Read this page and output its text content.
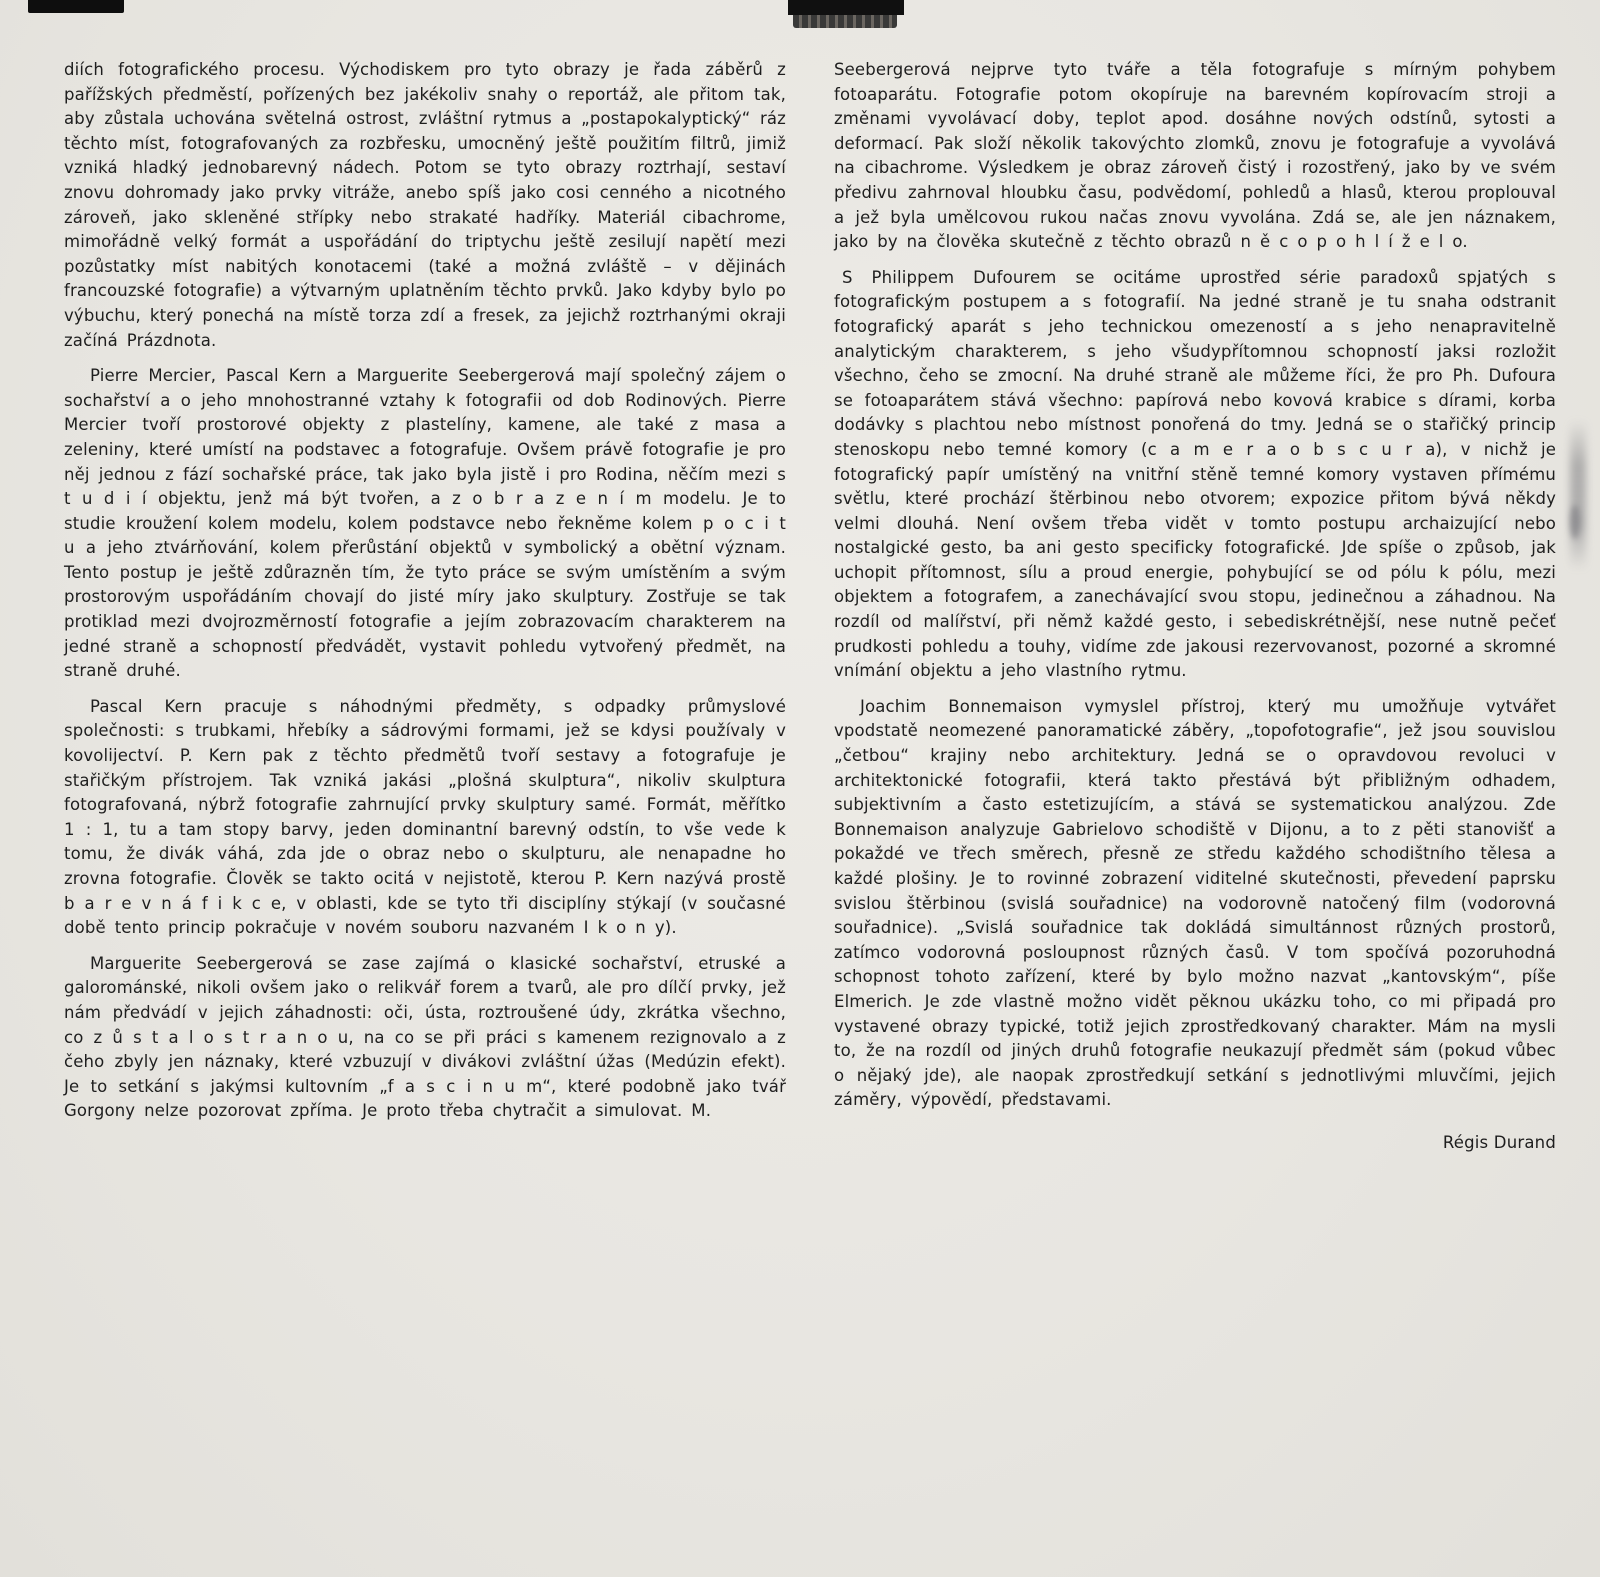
diích fotografického procesu. Východiskem pro tyto obrazy je řada záběrů z pařížských předměstí, pořízených bez jakékoliv snahy o reportáž, ale přitom tak, aby zůstala uchována světelná ostrost, zvláštní rytmus a „postapokalyptický“ ráz těchto míst, fotografovaných za rozbřesku, umocněný ještě použitím filtrů, jimiž vzniká hladký jednobarevný nádech. Potom se tyto obrazy roztrhají, sestaví znovu dohromady jako prvky vitráže, anebo spíš jako cosi cenného a nicotného zároveň, jako skleněné střípky nebo strakaté hadříky. Materiál cibachrome, mimořádně velký formát a uspořádání do triptychu ještě zesilují napětí mezi pozůstatky míst nabitých konotacemi (také a možná zvláště – v dějinách francouzské fotografie) a výtvarným uplatněním těchto prvků. Jako kdyby bylo po výbuchu, který ponechá na místě torza zdí a fresek, za jejichž roztrhanými okraji začíná Prázdnota.

Pierre Mercier, Pascal Kern a Marguerite Seebergerová mají společný zájem o sochařství a o jeho mnohostranné vztahy k fotografii od dob Rodinových. Pierre Mercier tvoří prostorové objekty z plastelíny, kamene, ale také z masa a zeleniny, které umístí na podstavec a fotografuje. Ovšem právě fotografie je pro něj jednou z fází sochařské práce, tak jako byla jistě i pro Rodina, něčím mezi s t u d i í objektu, jenž má být tvořen, a z o b r a z e n í m modelu. Je to studie kroužení kolem modelu, kolem podstavce nebo řekněme kolem p o c i t u a jeho ztvárňování, kolem přerůstání objektů v symbolický a obětní význam. Tento postup je ještě zdůrazněn tím, že tyto práce se svým umístěním a svým prostorovým uspořádáním chovají do jisté míry jako skulptury. Zostřuje se tak protiklad mezi dvojrozměrností fotografie a jejím zobrazovacím charakterem na jedné straně a schopností předvádět, vystavit pohledu vytvořený předmět, na straně druhé.

Pascal Kern pracuje s náhodnými předměty, s odpadky průmyslové společnosti: s trubkami, hřebíky a sádrovými formami, jež se kdysi používaly v kovolijectví. P. Kern pak z těchto předmětů tvoří sestavy a fotografuje je stařičkým přístrojem. Tak vzniká jakási „plošná skulptura“, nikoliv skulptura fotografovaná, nýbrž fotografie zahrnující prvky skulptury samé. Formát, měřítko 1 : 1, tu a tam stopy barvy, jeden dominantní barevný odstín, to vše vede k tomu, že divák váhá, zda jde o obraz nebo o skulpturu, ale nenapadne ho zrovna fotografie. Člověk se takto ocitá v nejistotě, kterou P. Kern nazývá prostě b a r e v n á f i k c e, v oblasti, kde se tyto tři disciplíny stýkají (v současné době tento princip pokračuje v novém souboru nazvaném I k o n y).

Marguerite Seebergerová se zase zajímá o klasické sochařství, etruské a galorománské, nikoli ovšem jako o relikvář forem a tvarů, ale pro dílčí prvky, jež nám předvádí v jejich záhadnosti: oči, ústa, roztroušené údy, zkrátka všechno, co z ů s t a l o s t r a n o u, na co se při práci s kamenem rezignovalo a z čeho zbyly jen náznaky, které vzbuzují v divákovi zvláštní úžas (Medúzin efekt). Je to setkání s jakýmsi kultovním „f a s c i n u m“, které podobně jako tvář Gorgony nelze pozorovat zpříma. Je proto třeba chytračit a simulovat. M.

Seebergerová nejprve tyto tváře a těla fotografuje s mírným pohybem fotoaparátu. Fotografie potom okopíruje na barevném kopírovacím stroji a změnami vyvolávací doby, teplot apod. dosáhne nových odstínů, sytosti a deformací. Pak složí několik takovýchto zlomků, znovu je fotografuje a vyvolává na cibachrome. Výsledkem je obraz zároveň čistý i rozostřený, jako by ve svém předivu zahrnoval hloubku času, podvědomí, pohledů a hlasů, kterou proplouval a jež byla umělcovou rukou načas znovu vyvolána. Zdá se, ale jen náznakem, jako by na člověka skutečně z těchto obrazů n ě c o p o h l í ž e l o.

S Philippem Dufourem se ocitáme uprostřed série paradoxů spjatých s fotografickým postupem a s fotografií. Na jedné straně je tu snaha odstranit fotografický aparát s jeho technickou omezeností a s jeho nenapravitelně analytickým charakterem, s jeho všudypřítomnou schopností jaksi rozložit všechno, čeho se zmocní. Na druhé straně ale můžeme říci, že pro Ph. Dufoura se fotoaparátem stává všechno: papírová nebo kovová krabice s dírami, korba dodávky s plachtou nebo místnost ponořená do tmy. Jedná se o stařičký princip stenoskopu nebo temné komory (c a m e r a o b s c u r a), v nichž je fotografický papír umístěný na vnitřní stěně temné komory vystaven přímému světlu, které prochází štěrbinou nebo otvorem; expozice přitom bývá někdy velmi dlouhá. Není ovšem třeba vidět v tomto postupu archaizující nebo nostalgické gesto, ba ani gesto specificky fotografické. Jde spíše o způsob, jak uchopit přítomnost, sílu a proud energie, pohybující se od pólu k pólu, mezi objektem a fotografem, a zanechávající svou stopu, jedinečnou a záhadnou. Na rozdíl od malířství, při němž každé gesto, i sebediskrétnější, nese nutně pečeť prudkosti pohledu a touhy, vidíme zde jakousi rezervovanost, pozorné a skromné vnímání objektu a jeho vlastního rytmu.

Joachim Bonnemaison vymyslel přístroj, který mu umožňuje vytvářet vpodstatě neomezené panoramatické záběry, „topofotografie“, jež jsou souvislou „četbou“ krajiny nebo architektury. Jedná se o opravdovou revoluci v architektonické fotografii, která takto přestává být přibližným odhadem, subjektivním a často estetizujícím, a stává se systematickou analýzou. Zde Bonnemaison analyzuje Gabrielovo schodiště v Dijonu, a to z pěti stanovišť a pokaždé ve třech směrech, přesně ze středu každého schodištního tělesa a každé plošiny. Je to rovinné zobrazení viditelné skutečnosti, převedení paprsku svislou štěrbinou (svislá souřadnice) na vodorovně natočený film (vodorovná souřadnice). „Svislá souřadnice tak dokládá simultánnost různých prostorů, zatímco vodorovná posloupnost různých časů. V tom spočívá pozoruhodná schopnost tohoto zařízení, které by bylo možno nazvat „kantovským“, píše Elmerich. Je zde vlastně možno vidět pěknou ukázku toho, co mi připadá pro vystavené obrazy typické, totiž jejich zprostředkovaný charakter. Mám na mysli to, že na rozdíl od jiných druhů fotografie neukazují předmět sám (pokud vůbec o nějaký jde), ale naopak zprostředkují setkání s jednotlivými mluvčími, jejich záměry, výpovědí, představami.

Régis Durand
